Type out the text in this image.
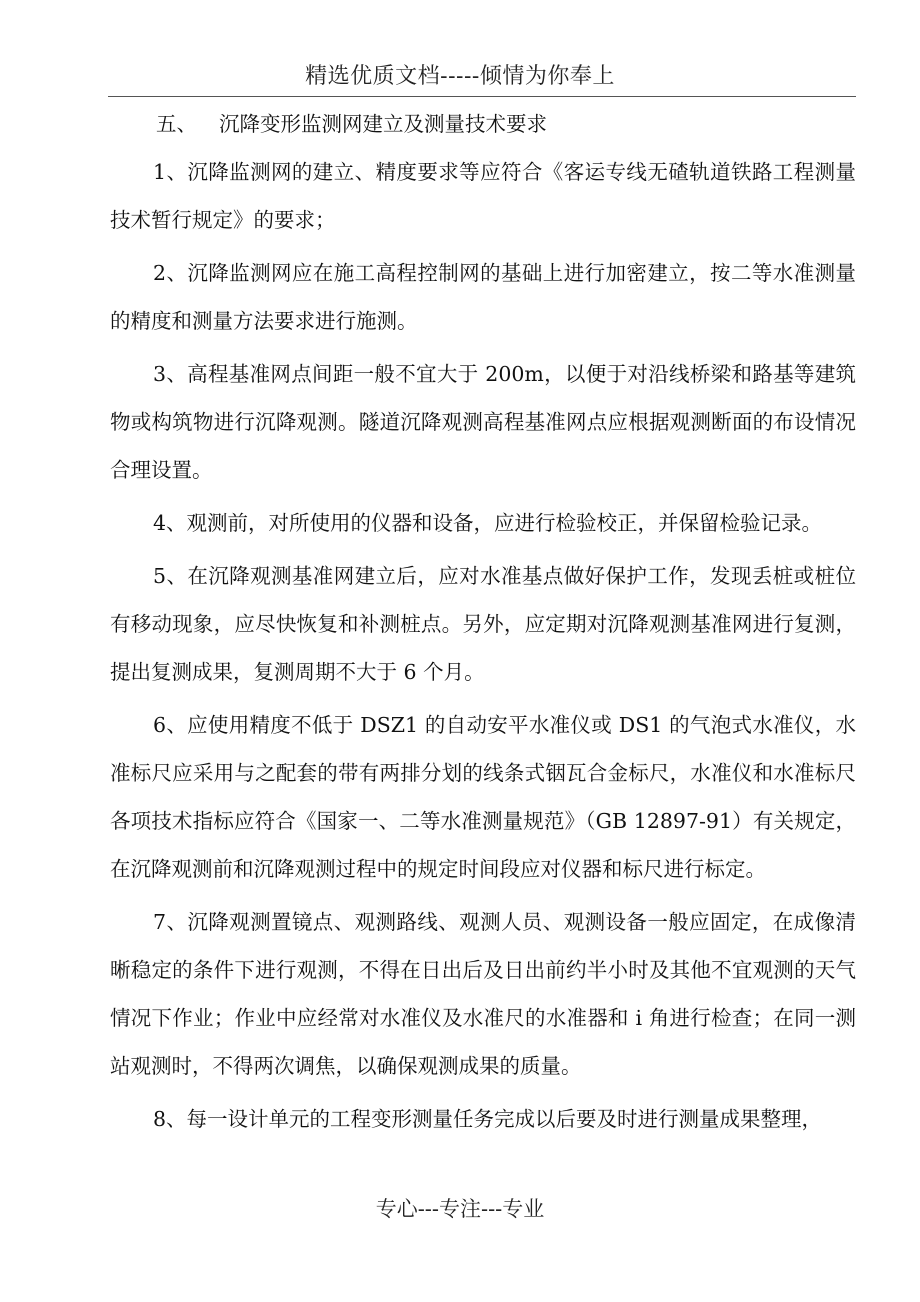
精选优质文档-----倾情为你奉上

五、 沉降变形监测网建立及测量技术要求

1、沉降监测网的建立、精度要求等应符合《客运专线无碴轨道铁路工程测量技术暂行规定》的要求；

2、沉降监测网应在施工高程控制网的基础上进行加密建立，按二等水准测量的精度和测量方法要求进行施测。

3、高程基准网点间距一般不宜大于 200m，以便于对沿线桥梁和路基等建筑物或构筑物进行沉降观测。隧道沉降观测高程基准网点应根据观测断面的布设情况合理设置。

4、观测前，对所使用的仪器和设备，应进行检验校正，并保留检验记录。

5、在沉降观测基准网建立后，应对水准基点做好保护工作，发现丢桩或桩位有移动现象，应尽快恢复和补测桩点。另外，应定期对沉降观测基准网进行复测，提出复测成果，复测周期不大于 6 个月。

6、应使用精度不低于 DSZ1 的自动安平水准仪或 DS1 的气泡式水准仪，水准标尺应采用与之配套的带有两排分划的线条式铟瓦合金标尺，水准仪和水准标尺各项技术指标应符合《国家一、二等水准测量规范》（GB 12897-91）有关规定，在沉降观测前和沉降观测过程中的规定时间段应对仪器和标尺进行标定。

7、沉降观测置镜点、观测路线、观测人员、观测设备一般应固定，在成像清晰稳定的条件下进行观测，不得在日出后及日出前约半小时及其他不宜观测的天气情况下作业；作业中应经常对水准仪及水准尺的水准器和 i 角进行检查；在同一测站观测时，不得两次调焦，以确保观测成果的质量。

8、每一设计单元的工程变形测量任务完成以后要及时进行测量成果整理，

专心---专注---专业
